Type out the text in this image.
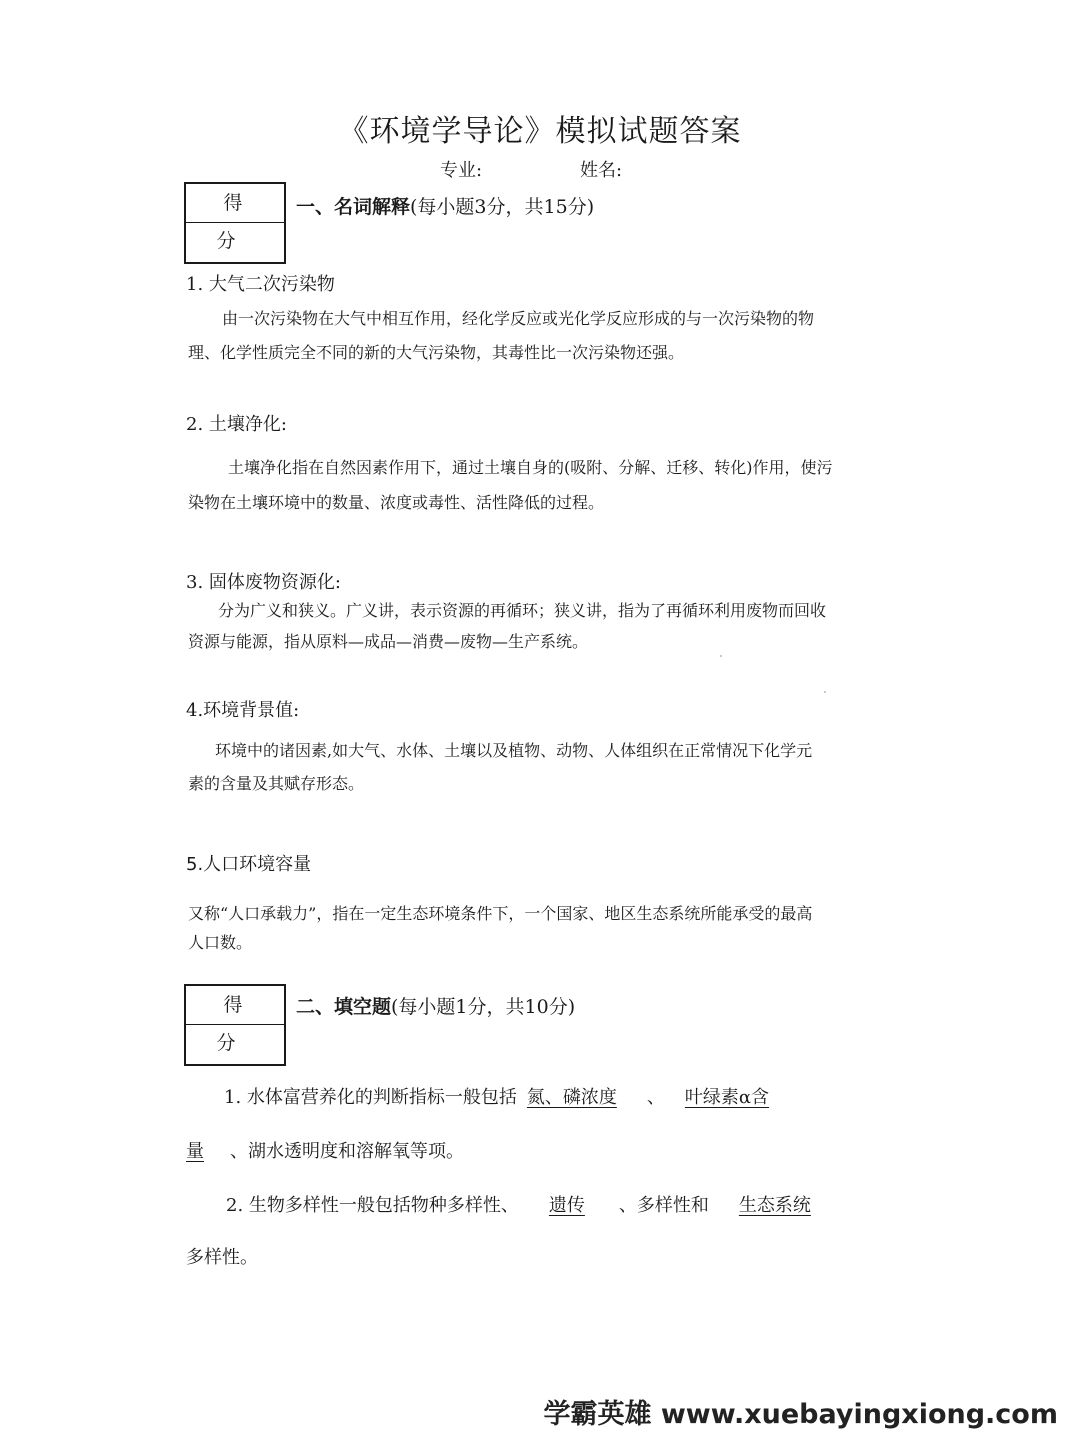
《环境学导论》模拟试题答案
专业:	姓名:
得 分
一、名词解释(每小题3分，共15分)
1. 大气二次污染物
由一次污染物在大气中相互作用，经化学反应或光化学反应形成的与一次污染物的物
理、化学性质完全不同的新的大气污染物，其毒性比一次污染物还强。
2. 土壤净化:
土壤净化指在自然因素作用下，通过土壤自身的(吸附、分解、迁移、转化)作用，使污
染物在土壤环境中的数量、浓度或毒性、活性降低的过程。
3. 固体废物资源化:
分为广义和狭义。广义讲，表示资源的再循环；狭义讲，指为了再循环利用废物而回收
资源与能源，指从原料—成品—消费—废物—生产系统。
4.环境背景值:
环境中的诸因素,如大气、水体、土壤以及植物、动物、人体组织在正常情况下化学元
素的含量及其赋存形态。
5.人口环境容量
又称“人口承载力”，指在一定生态环境条件下，一个国家、地区生态系统所能承受的最高
人口数。
得 分
二、填空题(每小题1分，共10分)
1. 水体富营养化的判断指标一般包括 氮、磷浓度 、 叶绿素α含
量 、湖水透明度和溶解氧等项。
2. 生物多样性一般包括物种多样性、 遗传 、多样性和 生态系统
多样性。
学霸英雄 www.xuebayingxiong.com
